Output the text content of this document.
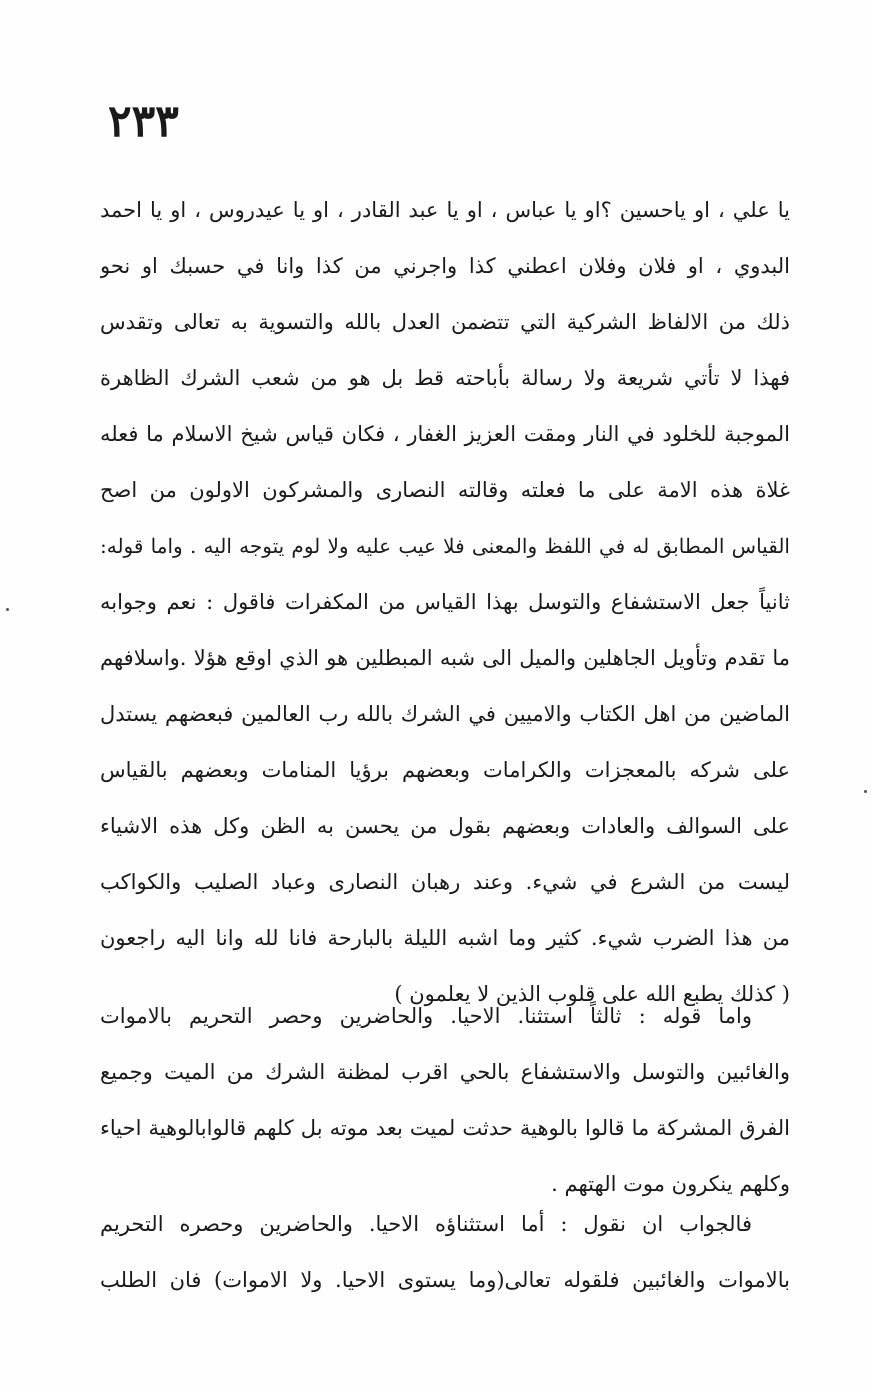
٢٣٣
يا علي ، او ياحسين ؟او يا عباس ، او يا عبد القادر ، او يا عيدروس ، او يا احمد
البدوي ، او فلان وفلان اعطني كذا واجرني من كذا وانا في حسبك او نحو
ذلك من الالفاظ الشركية التي تتضمن العدل بالله والتسوية به تعالى وتقدس
فهذا لا تأتي شريعة ولا رسالة بأباحته قط بل هو من شعب الشرك الظاهرة
الموجبة للخلود في النار ومقت العزيز الغفار ، فكان قياس شيخ الاسلام ما فعله
غلاة هذه الامة على ما فعلته وقالته النصارى والمشركون الاولون من اصح
القياس المطابق له في اللفظ والمعنى فلا عيب عليه ولا لوم يتوجه اليه . واما قوله:
ثانياً جعل الاستشفاع والتوسل بهذا القياس من المكفرات فاقول : نعم وجوابه
ما تقدم وتأويل الجاهلين والميل الى شبه المبطلين هو الذي اوقع هؤلا .واسلافهم
الماضين من اهل الكتاب والاميين في الشرك بالله رب العالمين فبعضهم يستدل
على شركه بالمعجزات والكرامات وبعضهم برؤيا المنامات وبعضهم بالقياس
على السوالف والعادات وبعضهم بقول من يحسن به الظن وكل هذه الاشياء
ليست من الشرع في شيء. وعند رهبان النصارى وعباد الصليب والكواكب
من هذا الضرب شيء. كثير وما اشبه الليلة بالبارحة فانا لله وانا اليه راجعون
( كذلك يطبع الله على قلوب الذين لا يعلمون )
واما قوله : ثالثاً استثنا. الاحيا. والحاضرين وحصر التحريم بالاموات
والغائبين والتوسل والاستشفاع بالحي اقرب لمظنة الشرك من الميت وجميع
الفرق المشركة ما قالوا بالوهية حدثت لميت بعد موته بل كلهم قالوابالوهية احياء
وكلهم ينكرون موت الهتهم .
فالجواب ان نقول : أما استثناؤه الاحيا. والحاضرين وحصره التحريم
بالاموات والغائبين فلقوله تعالى(وما يستوى الاحيا. ولا الاموات) فان الطلب
